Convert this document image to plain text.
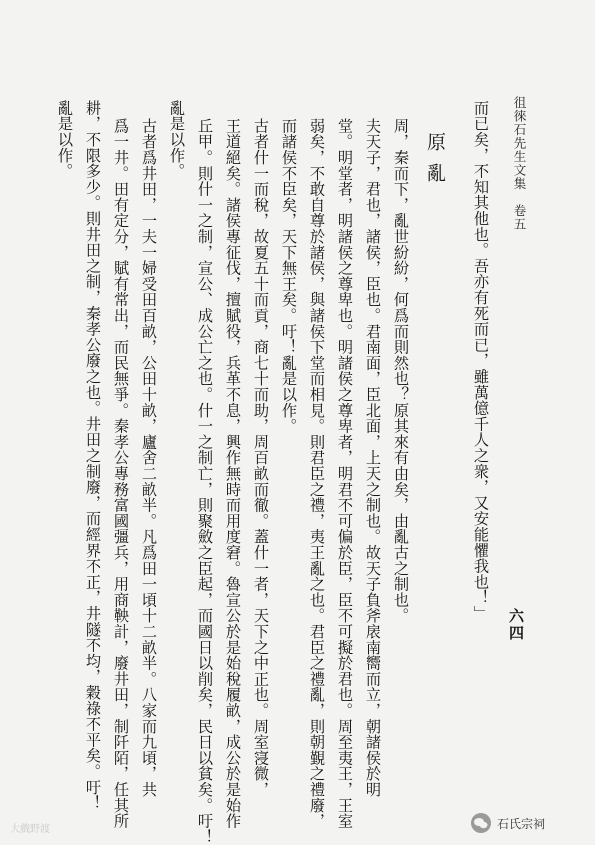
徂徠石先生文集　卷五
六四
而已矣，不知其他也。吾亦有死而已，雖萬億千人之衆，又安能懼我也！」
原亂
周，秦而下，亂世紛紛，何爲而則然也？原其來有由矣，由亂古之制也。
夫天子，君也，諸侯，臣也。君南面，臣北面，上天之制也。故天子負斧扆南嚮而立，朝諸侯於明
堂。明堂者，明諸侯之尊卑也。明諸侯之尊卑者，明君不可偏於臣，臣不可擬於君也。周至夷王，王室
弱矣，不敢自尊於諸侯，與諸侯下堂而相見。則君臣之禮，夷王亂之也。君臣之禮亂，則朝覲之禮廢，
而諸侯不臣矣，天下無王矣。吁！亂是以作。
古者什一而稅，故夏五十而貢，商七十而助，周百畝而徹。蓋什一者，天下之中正也。周室寖微，
王道絕矣。諸侯專征伐，擅賦役，兵革不息，興作無時而用度窘。魯宣公於是始稅履畝，成公於是始作
丘甲。則什一之制，宣公、成公亡之也。什一之制亡，則聚斂之臣起，而國日以削矣，民日以貧矣。吁！
亂是以作。
古者爲井田，一夫一婦受田百畝，公田十畝，廬舍二畝半。凡爲田一頃十二畝半。八家而九頃，共
爲一井。田有定分，賦有常出，而民無爭。秦孝公專務富國彊兵，用商鞅計，廢井田，制阡陌，任其所
耕，不限多少。則井田之制，秦孝公廢之也。井田之制廢，而經界不正，井隧不均，穀祿不平矣。吁！
亂是以作。
大戲野渡	石氏宗祠
